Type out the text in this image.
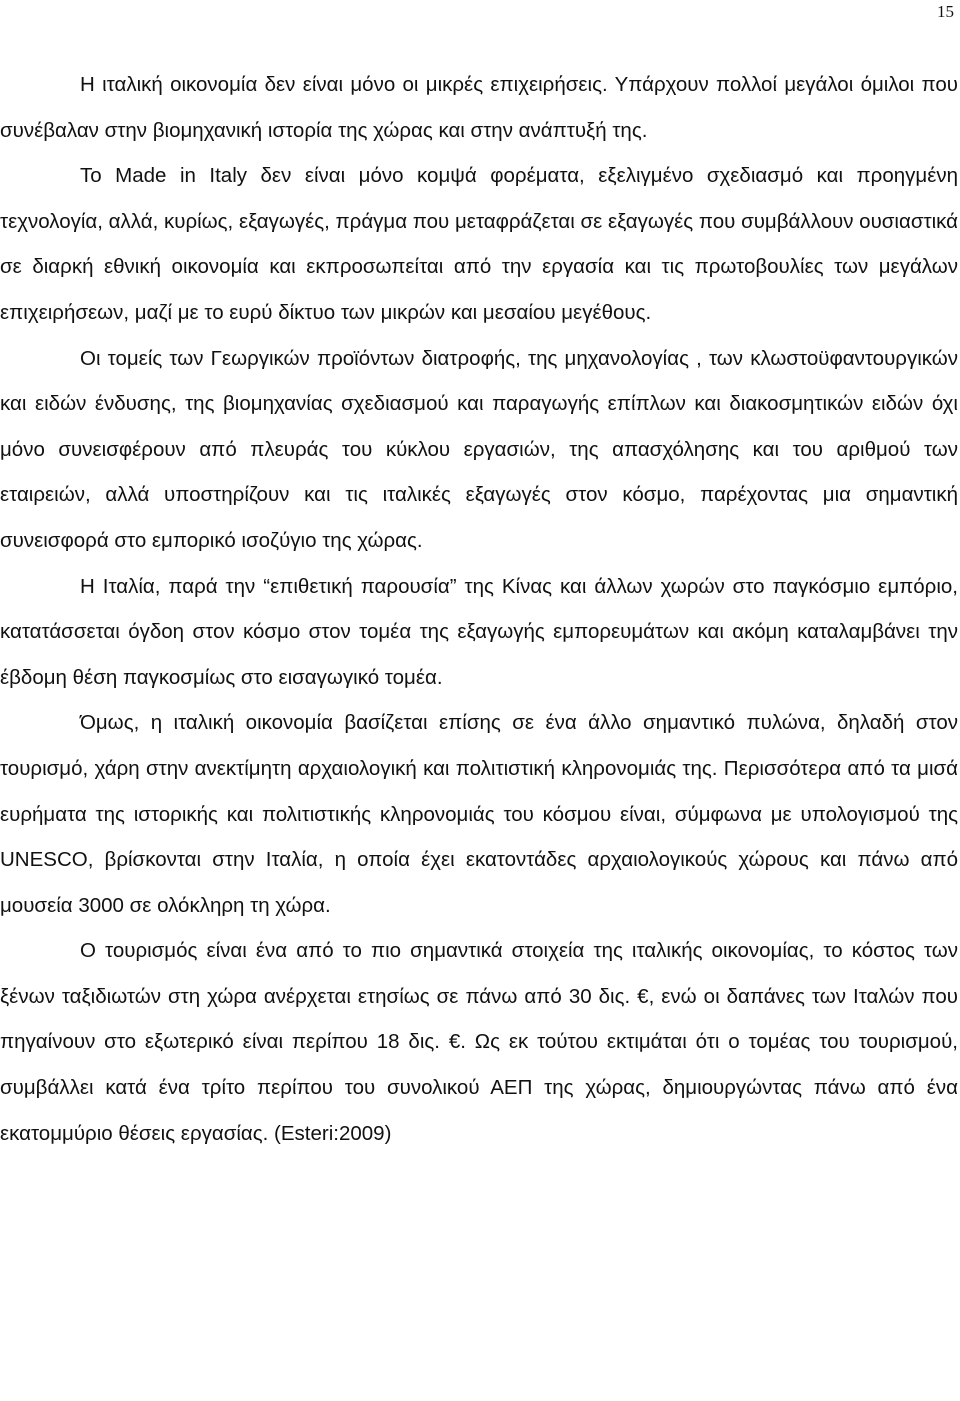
15

Η ιταλική οικονομία δεν είναι μόνο οι μικρές επιχειρήσεις. Υπάρχουν πολλοί μεγάλοι όμιλοι που συνέβαλαν στην βιομηχανική ιστορία της χώρας και στην ανάπτυξή της.

To Made in Italy δεν είναι μόνο κομψά φορέματα, εξελιγμένο σχεδιασμό και προηγμένη τεχνολογία, αλλά, κυρίως, εξαγωγές, πράγμα που μεταφράζεται σε εξαγωγές που συμβάλλουν ουσιαστικά σε διαρκή εθνική οικονομία και εκπροσωπείται από την εργασία και τις πρωτοβουλίες των μεγάλων επιχειρήσεων, μαζί με το ευρύ δίκτυο των μικρών και μεσαίου μεγέθους.

Οι τομείς των Γεωργικών προϊόντων διατροφής, της μηχανολογίας , των κλωστοϋφαντουργικών και ειδών ένδυσης, της βιομηχανίας σχεδιασμού και παραγωγής επίπλων και διακοσμητικών ειδών όχι μόνο συνεισφέρουν από πλευράς του κύκλου εργασιών, της απασχόλησης και του αριθμού των εταιρειών, αλλά υποστηρίζουν και τις ιταλικές εξαγωγές στον κόσμο, παρέχοντας μια σημαντική συνεισφορά στο εμπορικό ισοζύγιο της χώρας.

Η Ιταλία, παρά την “επιθετική παρουσία” της Κίνας και άλλων χωρών στο παγκόσμιο εμπόριο, κατατάσσεται όγδοη στον κόσμο στον τομέα της εξαγωγής εμπορευμάτων και ακόμη καταλαμβάνει την έβδομη θέση παγκοσμίως στο εισαγωγικό τομέα.

Όμως, η ιταλική οικονομία βασίζεται επίσης σε ένα άλλο σημαντικό πυλώνα, δηλαδή στον τουρισμό, χάρη στην ανεκτίμητη αρχαιολογική και πολιτιστική κληρονομιάς της. Περισσότερα από τα μισά ευρήματα της ιστορικής και πολιτιστικής κληρονομιάς του κόσμου είναι, σύμφωνα με υπολογισμού της UNESCO, βρίσκονται στην Ιταλία, η οποία έχει εκατοντάδες αρχαιολογικούς χώρους και πάνω από μουσεία 3000 σε ολόκληρη τη χώρα.

Ο τουρισμός είναι ένα από το πιο σημαντικά στοιχεία της ιταλικής οικονομίας, το κόστος των ξένων ταξιδιωτών στη χώρα ανέρχεται ετησίως σε πάνω από 30 δις. €, ενώ οι δαπάνες των Ιταλών που πηγαίνουν στο εξωτερικό είναι περίπου 18 δις. €. Ως εκ τούτου εκτιμάται ότι ο τομέας του τουρισμού, συμβάλλει κατά ένα τρίτο περίπου του συνολικού ΑΕΠ της χώρας, δημιουργώντας πάνω από ένα εκατομμύριο θέσεις εργασίας. (Esteri:2009)
